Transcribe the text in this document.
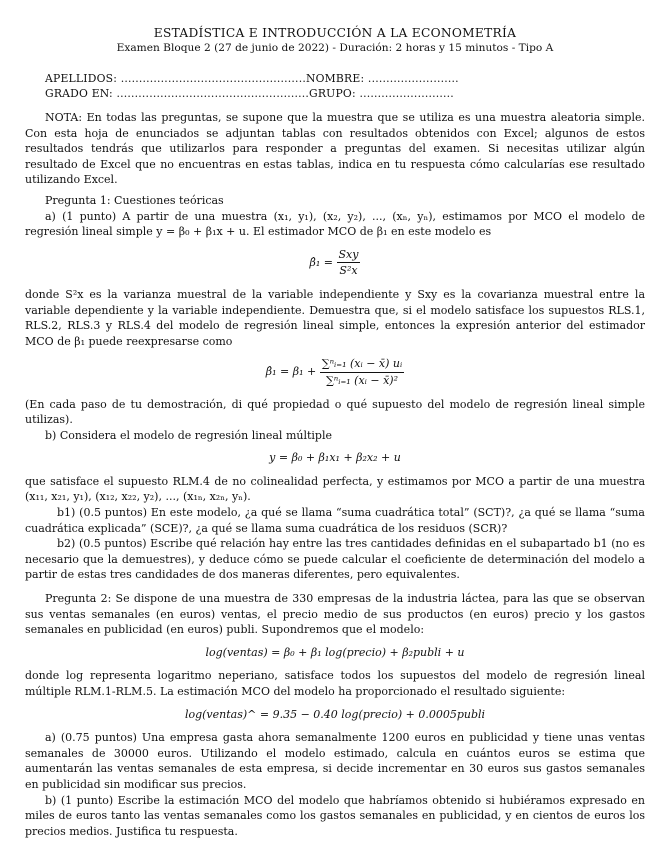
ESTADÍSTICA E INTRODUCCIÓN A LA ECONOMETRÍA
Examen Bloque 2 (27 de junio de 2022) - Duración: 2 horas y 15 minutos - Tipo A
APELLIDOS: ...................................................NOMBRE: .........................
GRADO EN: .....................................................GRUPO: ..........................

NOTA: En todas las preguntas, se supone que la muestra que se utiliza es una muestra aleatoria simple. Con esta hoja de enunciados se adjuntan tablas con resultados obtenidos con Excel; algunos de estos resultados tendrás que utilizarlos para responder a preguntas del examen. Si necesitas utilizar algún resultado de Excel que no encuentras en estas tablas, indica en tu respuesta cómo calcularías ese resultado utilizando Excel.

Pregunta 1: Cuestiones teóricas

a) (1 punto) A partir de una muestra (x₁, y₁), (x₂, y₂), ..., (xₙ, yₙ), estimamos por MCO el modelo de regresión lineal simple y = β₀ + β₁x + u. El estimador MCO de β₁ en este modelo es

β̂₁ = $\frac{\text{Sxy}}{\text{S²x}}$

donde S²x es la varianza muestral de la variable independiente y Sxy es la covarianza muestral entre la variable dependiente y la variable independiente. Demuestra que, si el modelo satisface los supuestos RLS.1, RLS.2, RLS.3 y RLS.4 del modelo de regresión lineal simple, entonces la expresión anterior del estimador MCO de β₁ puede reexpresarse como

β̂₁ = $\beta_1 + \frac{\text{∑ⁿᵢ₌₁ (xᵢ − x̄) uᵢ}}{\text{∑ⁿᵢ₌₁ (xᵢ − x̄)²}}$

(En cada paso de tu demostración, di qué propiedad o qué supuesto del modelo de regresión lineal simple utilizas).

b) Considera el modelo de regresión lineal múltiple

y = β₀ + β₁x₁ + β₂x₂ + u

que satisface el supuesto RLM.4 de no colinealidad perfecta, y estimamos por MCO a partir de una muestra (x₁₁, x₂₁, y₁), (x₁₂, x₂₂, y₂), ..., (x₁ₙ, x₂ₙ, yₙ).

b1) (0.5 puntos) En este modelo, ¿a qué se llama “suma cuadrática total” (SCT)?, ¿a qué se llama “suma cuadrática explicada” (SCE)?, ¿a qué se llama suma cuadrática de los residuos (SCR)?

b2) (0.5 puntos) Escribe qué relación hay entre las tres cantidades definidas en el subapartado b1 (no es necesario que la demuestres), y deduce cómo se puede calcular el coeficiente de determinación del modelo a partir de estas tres candidades de dos maneras diferentes, pero equivalentes.

Pregunta 2: Se dispone de una muestra de 330 empresas de la industria láctea, para las que se observan sus ventas semanales (en euros) ventas, el precio medio de sus productos (en euros) precio y los gastos semanales en publicidad (en euros) publi. Supondremos que el modelo:

log(ventas) = β₀ + β₁ log(precio) + β₂publi + u

donde log representa logaritmo neperiano, satisface todos los supuestos del modelo de regresión lineal múltiple RLM.1-RLM.5. La estimación MCO del modelo ha proporcionado el resultado siguiente:

log(ventas)^ = 9.35 − 0.40 log(precio) + 0.0005publi

a) (0.75 puntos) Una empresa gasta ahora semanalmente 1200 euros en publicidad y tiene unas ventas semanales de 30000 euros. Utilizando el modelo estimado, calcula en cuántos euros se estima que aumentarán las ventas semanales de esta empresa, si decide incrementar en 30 euros sus gastos semanales en publicidad sin modificar sus precios.

b) (1 punto) Escribe la estimación MCO del modelo que habríamos obtenido si hubiéramos expresado en miles de euros tanto las ventas semanales como los gastos semanales en publicidad, y en cientos de euros los precios medios. Justifica tu respuesta.
